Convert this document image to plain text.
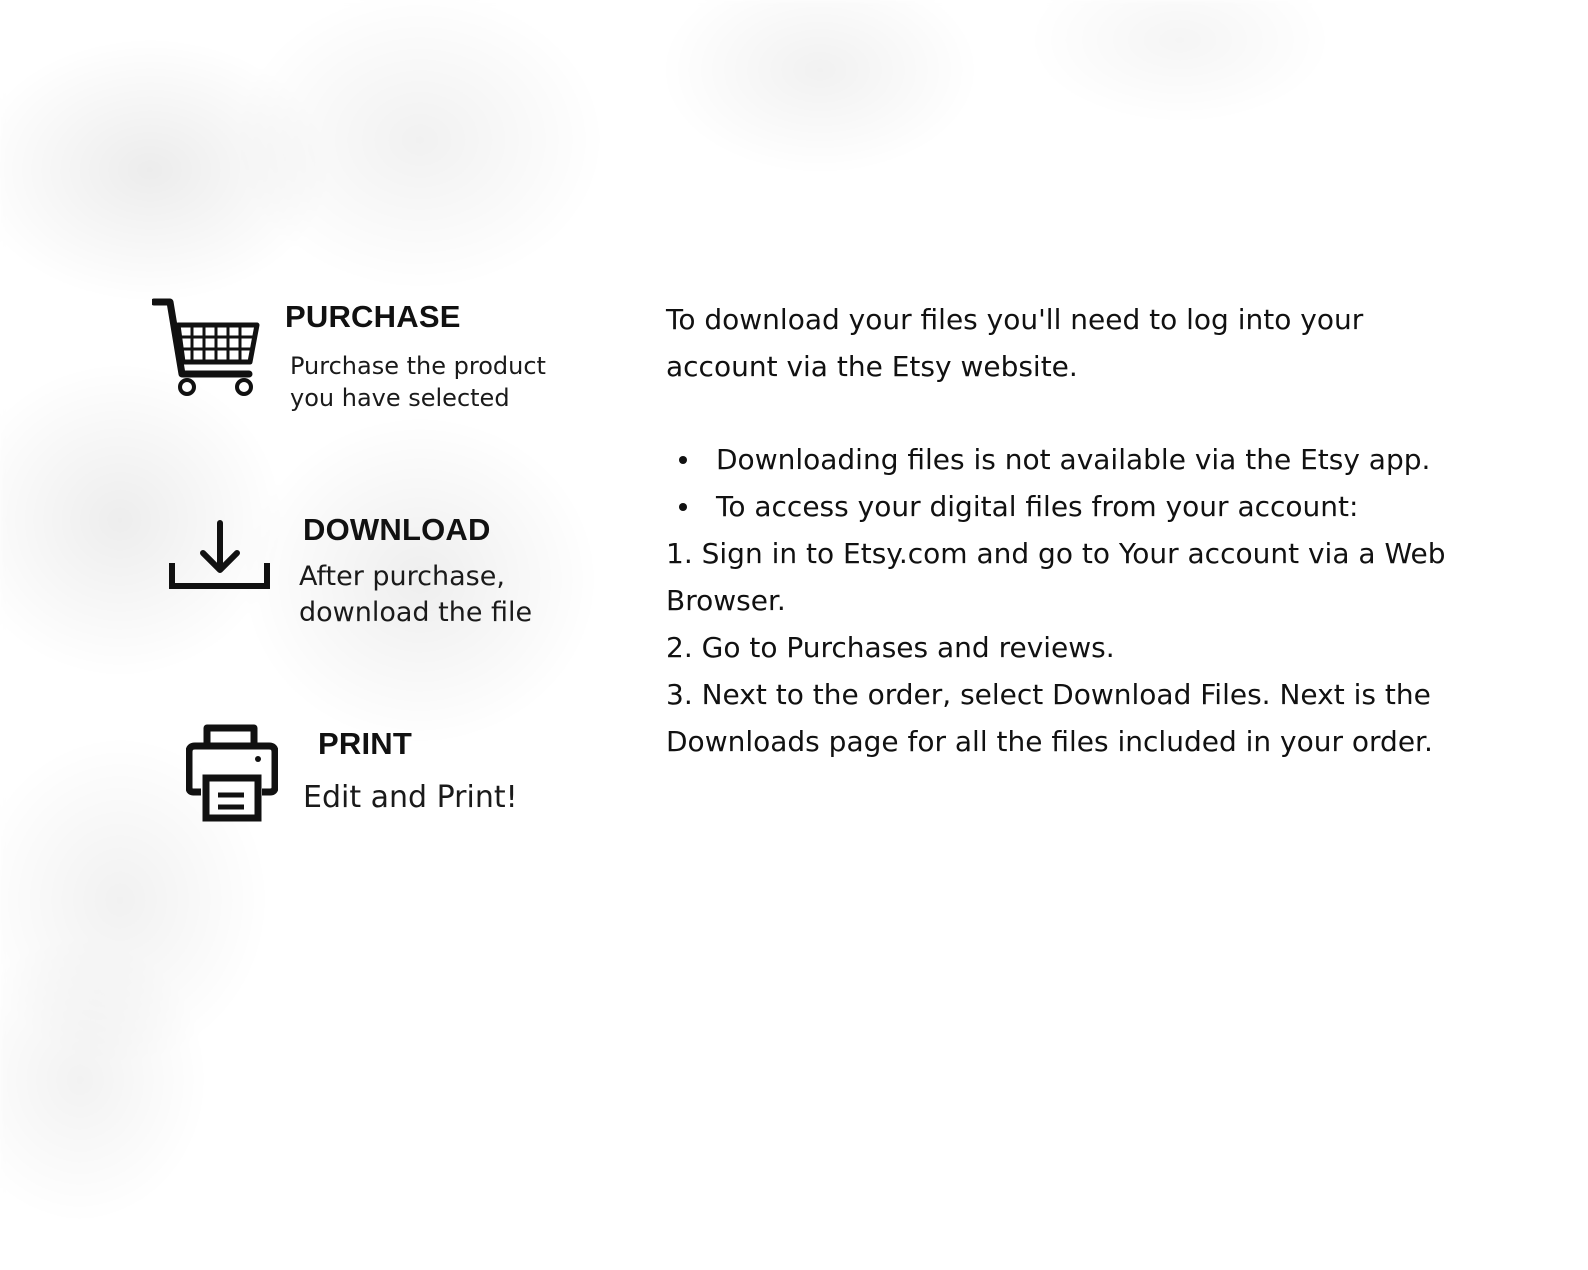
PURCHASE
Purchase the product
you have selected
DOWNLOAD
After purchase,
download the file
PRINT
Edit and Print!

To download your files you'll need to log into your

account via the Etsy website.

Downloading files is not available via the Etsy app.
To access your digital files from your account:
1. Sign in to Etsy.com and go to Your account via a Web Browser.
2. Go to Purchases and reviews.
3. Next to the order, select Download Files. Next is the Downloads page for all the files included in your order.
